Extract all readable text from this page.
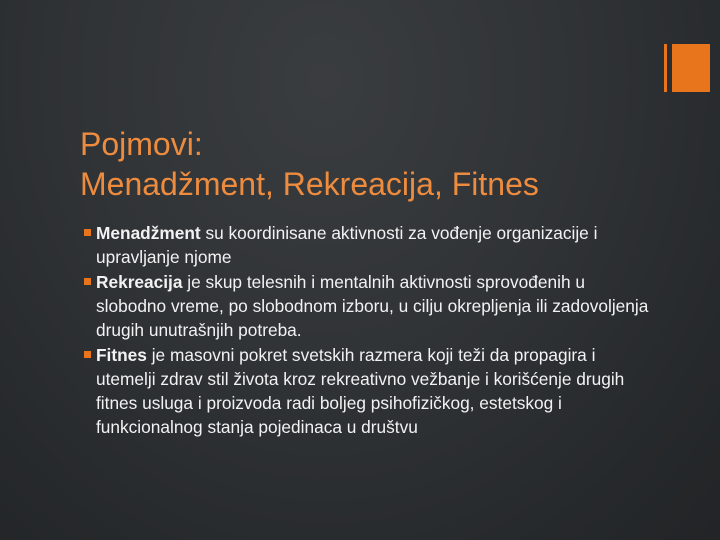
Pojmovi:
Menadžment, Rekreacija, Fitnes
Menadžment su koordinisane aktivnosti za vođenje organizacije i upravljanje njome
Rekreacija je skup telesnih i mentalnih aktivnosti sprovođenih u slobodno vreme, po slobodnom izboru, u cilju okrepljenja ili zadovoljenja drugih unutrašnjih potreba.
Fitnes je masovni pokret svetskih razmera koji teži da propagira i utemelji zdrav stil života kroz rekreativno vežbanje i korišćenje drugih fitnes usluga i proizvoda radi boljeg psihofizičkog, estetskog i funkcionalnog stanja pojedinaca u društvu
